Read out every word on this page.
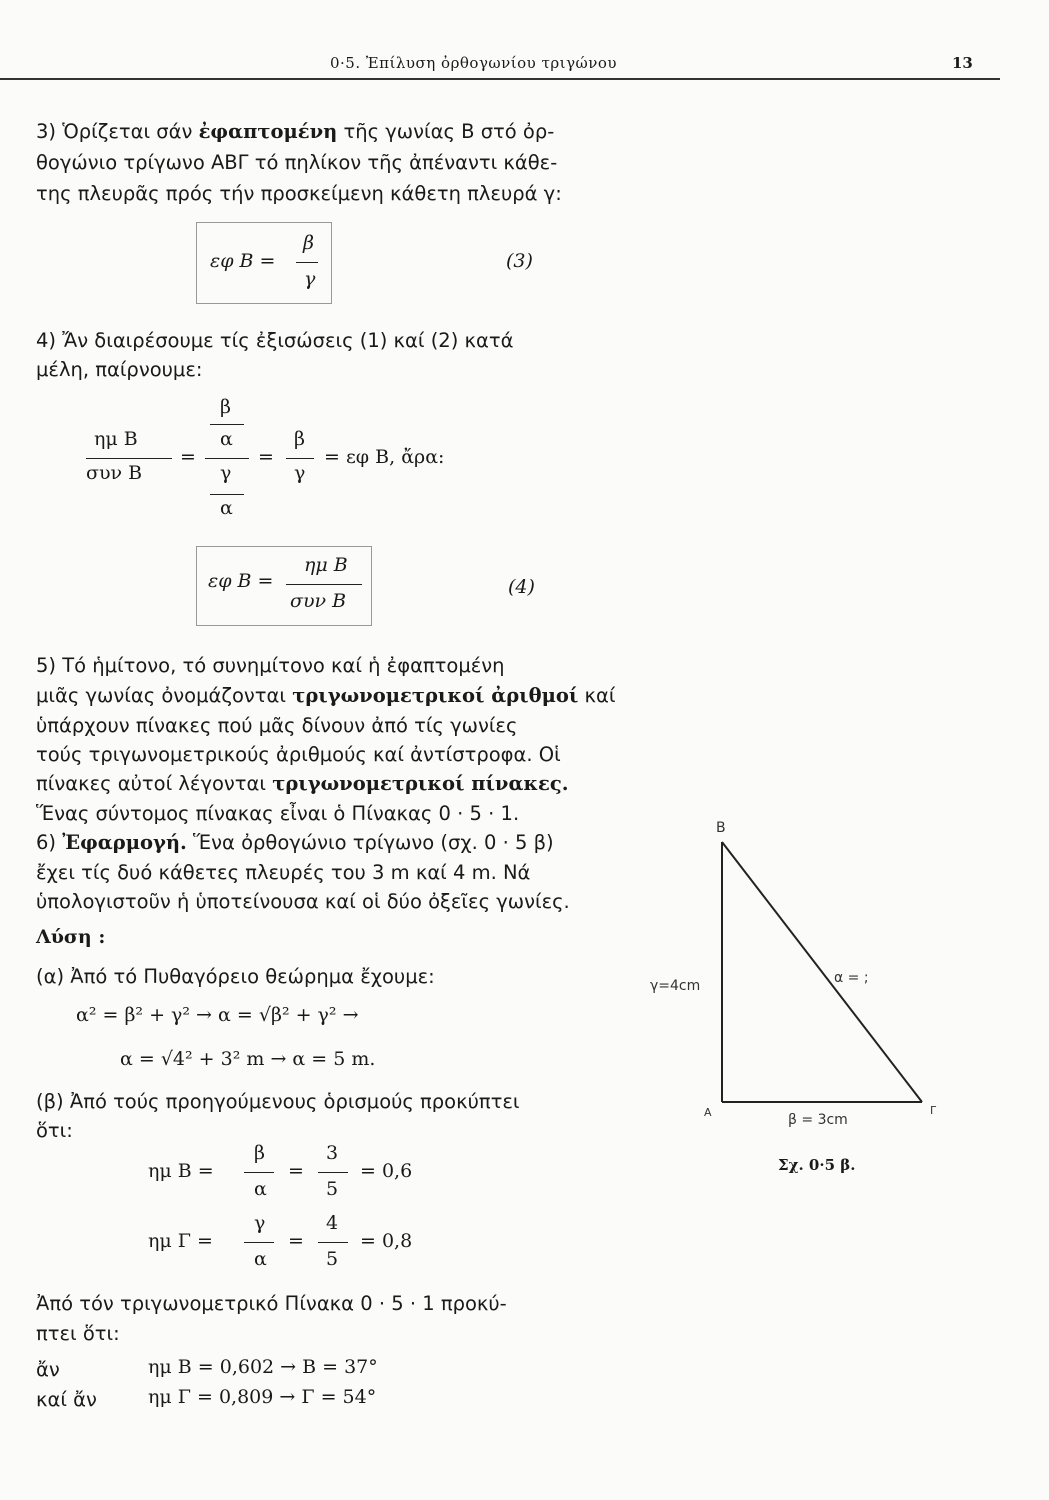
0·5. Ἐπίλυση ὀρθογωνίου τριγώνου	13
3) Ὁρίζεται σάν ἐφαπτομένη τῆς γωνίας Β στό ὀρ-
θογώνιο τρίγωνο ΑΒΓ τό πηλίκον τῆς ἀπέναντι κάθε-
της πλευρᾶς πρός τήν προσκείμενη κάθετη πλευρά γ:
εφ Β =
β
γ
(3)
4) Ἄν διαιρέσουμε τίς ἐξισώσεις (1) καί (2) κατά
μέλη, παίρνουμε:
β
α
ημ Β
συν Β
=
γ
α
=
β
γ
= εφ Β, ἄρα:
εφ Β =
ημ Β
συν Β
(4)
5) Τό ἡμίτονο, τό συνημίτονο καί ἡ ἐφαπτομένη
μιᾶς γωνίας ὀνομάζονται τριγωνομετρικοί ἀριθμοί καί
ὑπάρχουν πίνακες πού μᾶς δίνουν ἀπό τίς γωνίες
τούς τριγωνομετρικούς ἀριθμούς καί ἀντίστροφα. Οἱ
πίνακες αὐτοί λέγονται τριγωνομετρικοί πίνακες.
Ἕνας σύντομος πίνακας εἶναι ὁ Πίνακας 0 · 5 · 1.
6) Ἐφαρμογή. Ἕνα ὀρθογώνιο τρίγωνο (σχ. 0 · 5 β)
ἔχει τίς δυό κάθετες πλευρές του 3 m καί 4 m. Νά
ὑπολογιστοῦν ἡ ὑποτείνουσα καί οἱ δύο ὀξεῖες γωνίες.
Λύση :
(α) Ἀπό τό Πυθαγόρειο θεώρημα ἔχουμε:
α² = β² + γ² → α = √β² + γ² →
α = √4² + 3² m → α = 5 m.
(β) Ἀπό τούς προηγούμενους ὁρισμούς προκύπτει
ὅτι:
ημ Β =
β
α
=
3
5
= 0,6
ημ Γ =
γ
α
=
4
5
= 0,8
Ἀπό τόν τριγωνομετρικό Πίνακα 0 · 5 · 1 προκύ-
πτει ὅτι:
ἄν	ημ Β = 0,602 → Β = 37°
καί ἄν	ημ Γ = 0,809 → Γ = 54°
Β
Α	Γ
γ=4cm	α = ;
β = 3cm
Σχ. 0·5 β.
